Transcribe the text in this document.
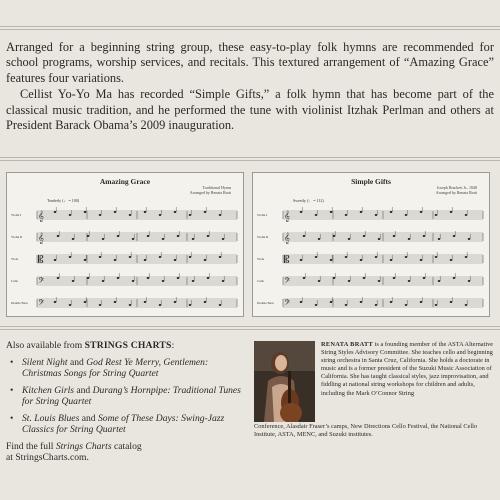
Arranged for a beginning string group, these easy-to-play folk hymns are recommended for school programs, worship services, and recitals. This textured arrangement of “Amazing Grace” features four variations.

Cellist Yo-Yo Ma has recorded “Simple Gifts,” a folk hymn that has become part of the classical music tradition, and he performed the tune with violinist Itzhak Perlman and others at President Barack Obama’s 2009 inauguration.

Amazing Grace
Traditional Hymn
Arranged by Renata Bratt
Tenderly (♩ = 100)
Violin I 𝄞
Violin II 𝄞
Viola 𝄡
Cello 𝄢
Double Bass 𝄢
Simple Gifts
Joseph Brackett Jr., 1848
Arranged by Renata Bratt
Sweetly (♩ = 112)
Violin I 𝄞
Violin II 𝄞
Viola 𝄡
Cello 𝄢
Double Bass 𝄢
Also available from STRINGS CHARTS:
• Silent Night and God Rest Ye Merry, Gentlemen: Christmas Songs for String Quartet
• Kitchen Girls and Durang’s Hornpipe: Traditional Tunes for String Quartet
• St. Louis Blues and Some of These Days: Swing-Jazz Classics for String Quartet
Find the full Strings Charts catalog
at StringsCharts.com.
RENATA BRATT is a founding member of the ASTA Alternative String Styles Advisory Committee. She teaches cello and beginning string orchestra in Santa Cruz, California. She holds a doctorate in music and is a former president of the Suzuki Music Association of California. She has taught classical styles, jazz improvisation, and fiddling at national string workshops for children and adults, including the Mark O’Connor String
Conference, Alasdair Fraser’s camps, New Directions Cello Festival, the National Cello Institute, ASTA, MENC, and Suzuki institutes.
